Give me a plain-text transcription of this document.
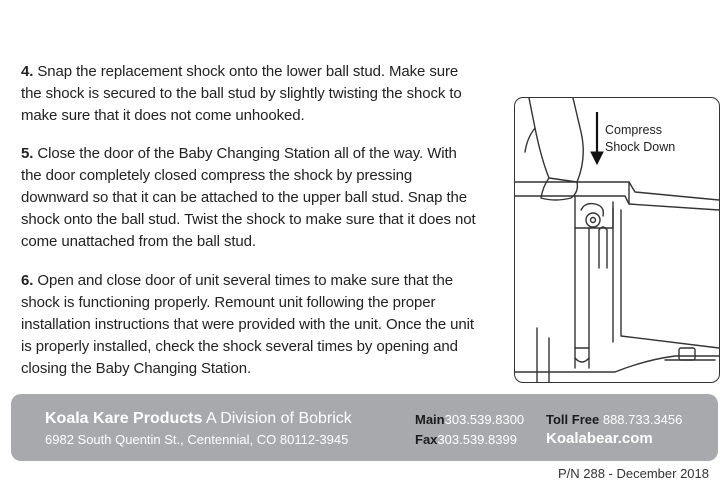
4. Snap the replacement shock onto the lower ball stud. Make sure the shock is secured to the ball stud by slightly twisting the shock to make sure that it does not come unhooked.
5. Close the door of the Baby Changing Station all of the way. With the door completely closed compress the shock by pressing downward so that it can be attached to the upper ball stud. Snap the shock onto the ball stud. Twist the shock to make sure that it does not come unattached from the ball stud.
6. Open and close door of unit several times to make sure that the shock is functioning properly. Remount unit following the proper installation instructions that were provided with the unit. Once the unit is properly installed, check the shock several times by opening and closing the Baby Changing Station.
Compress
Shock Down
Koala Kare Products A Division of Bobrick
6982 South Quentin St., Centennial, CO 80112-3945
Main303.539.8300
Fax303.539.8399
Toll Free 888.733.3456
Koalabear.com
P/N 288 - December 2018
